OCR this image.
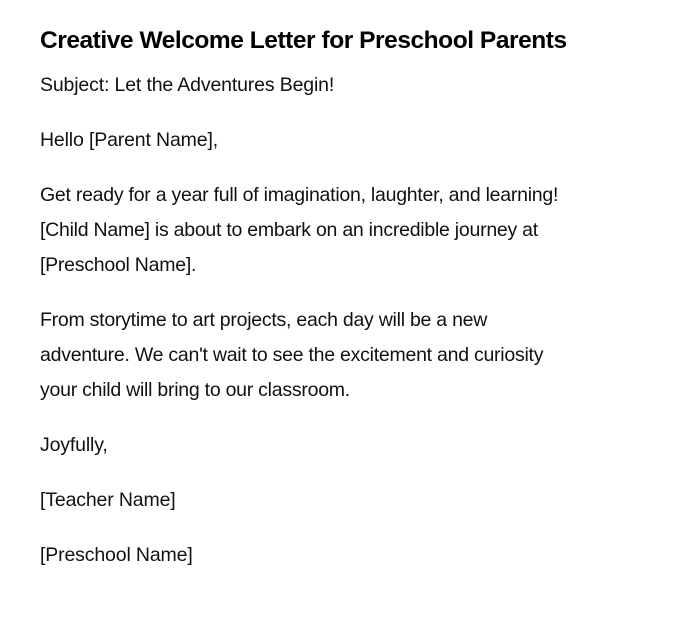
Creative Welcome Letter for Preschool Parents

Subject: Let the Adventures Begin!

Hello [Parent Name],

Get ready for a year full of imagination, laughter, and learning!
[Child Name] is about to embark on an incredible journey at
[Preschool Name].

From storytime to art projects, each day will be a new
adventure. We can't wait to see the excitement and curiosity
your child will bring to our classroom.

Joyfully,

[Teacher Name]

[Preschool Name]
